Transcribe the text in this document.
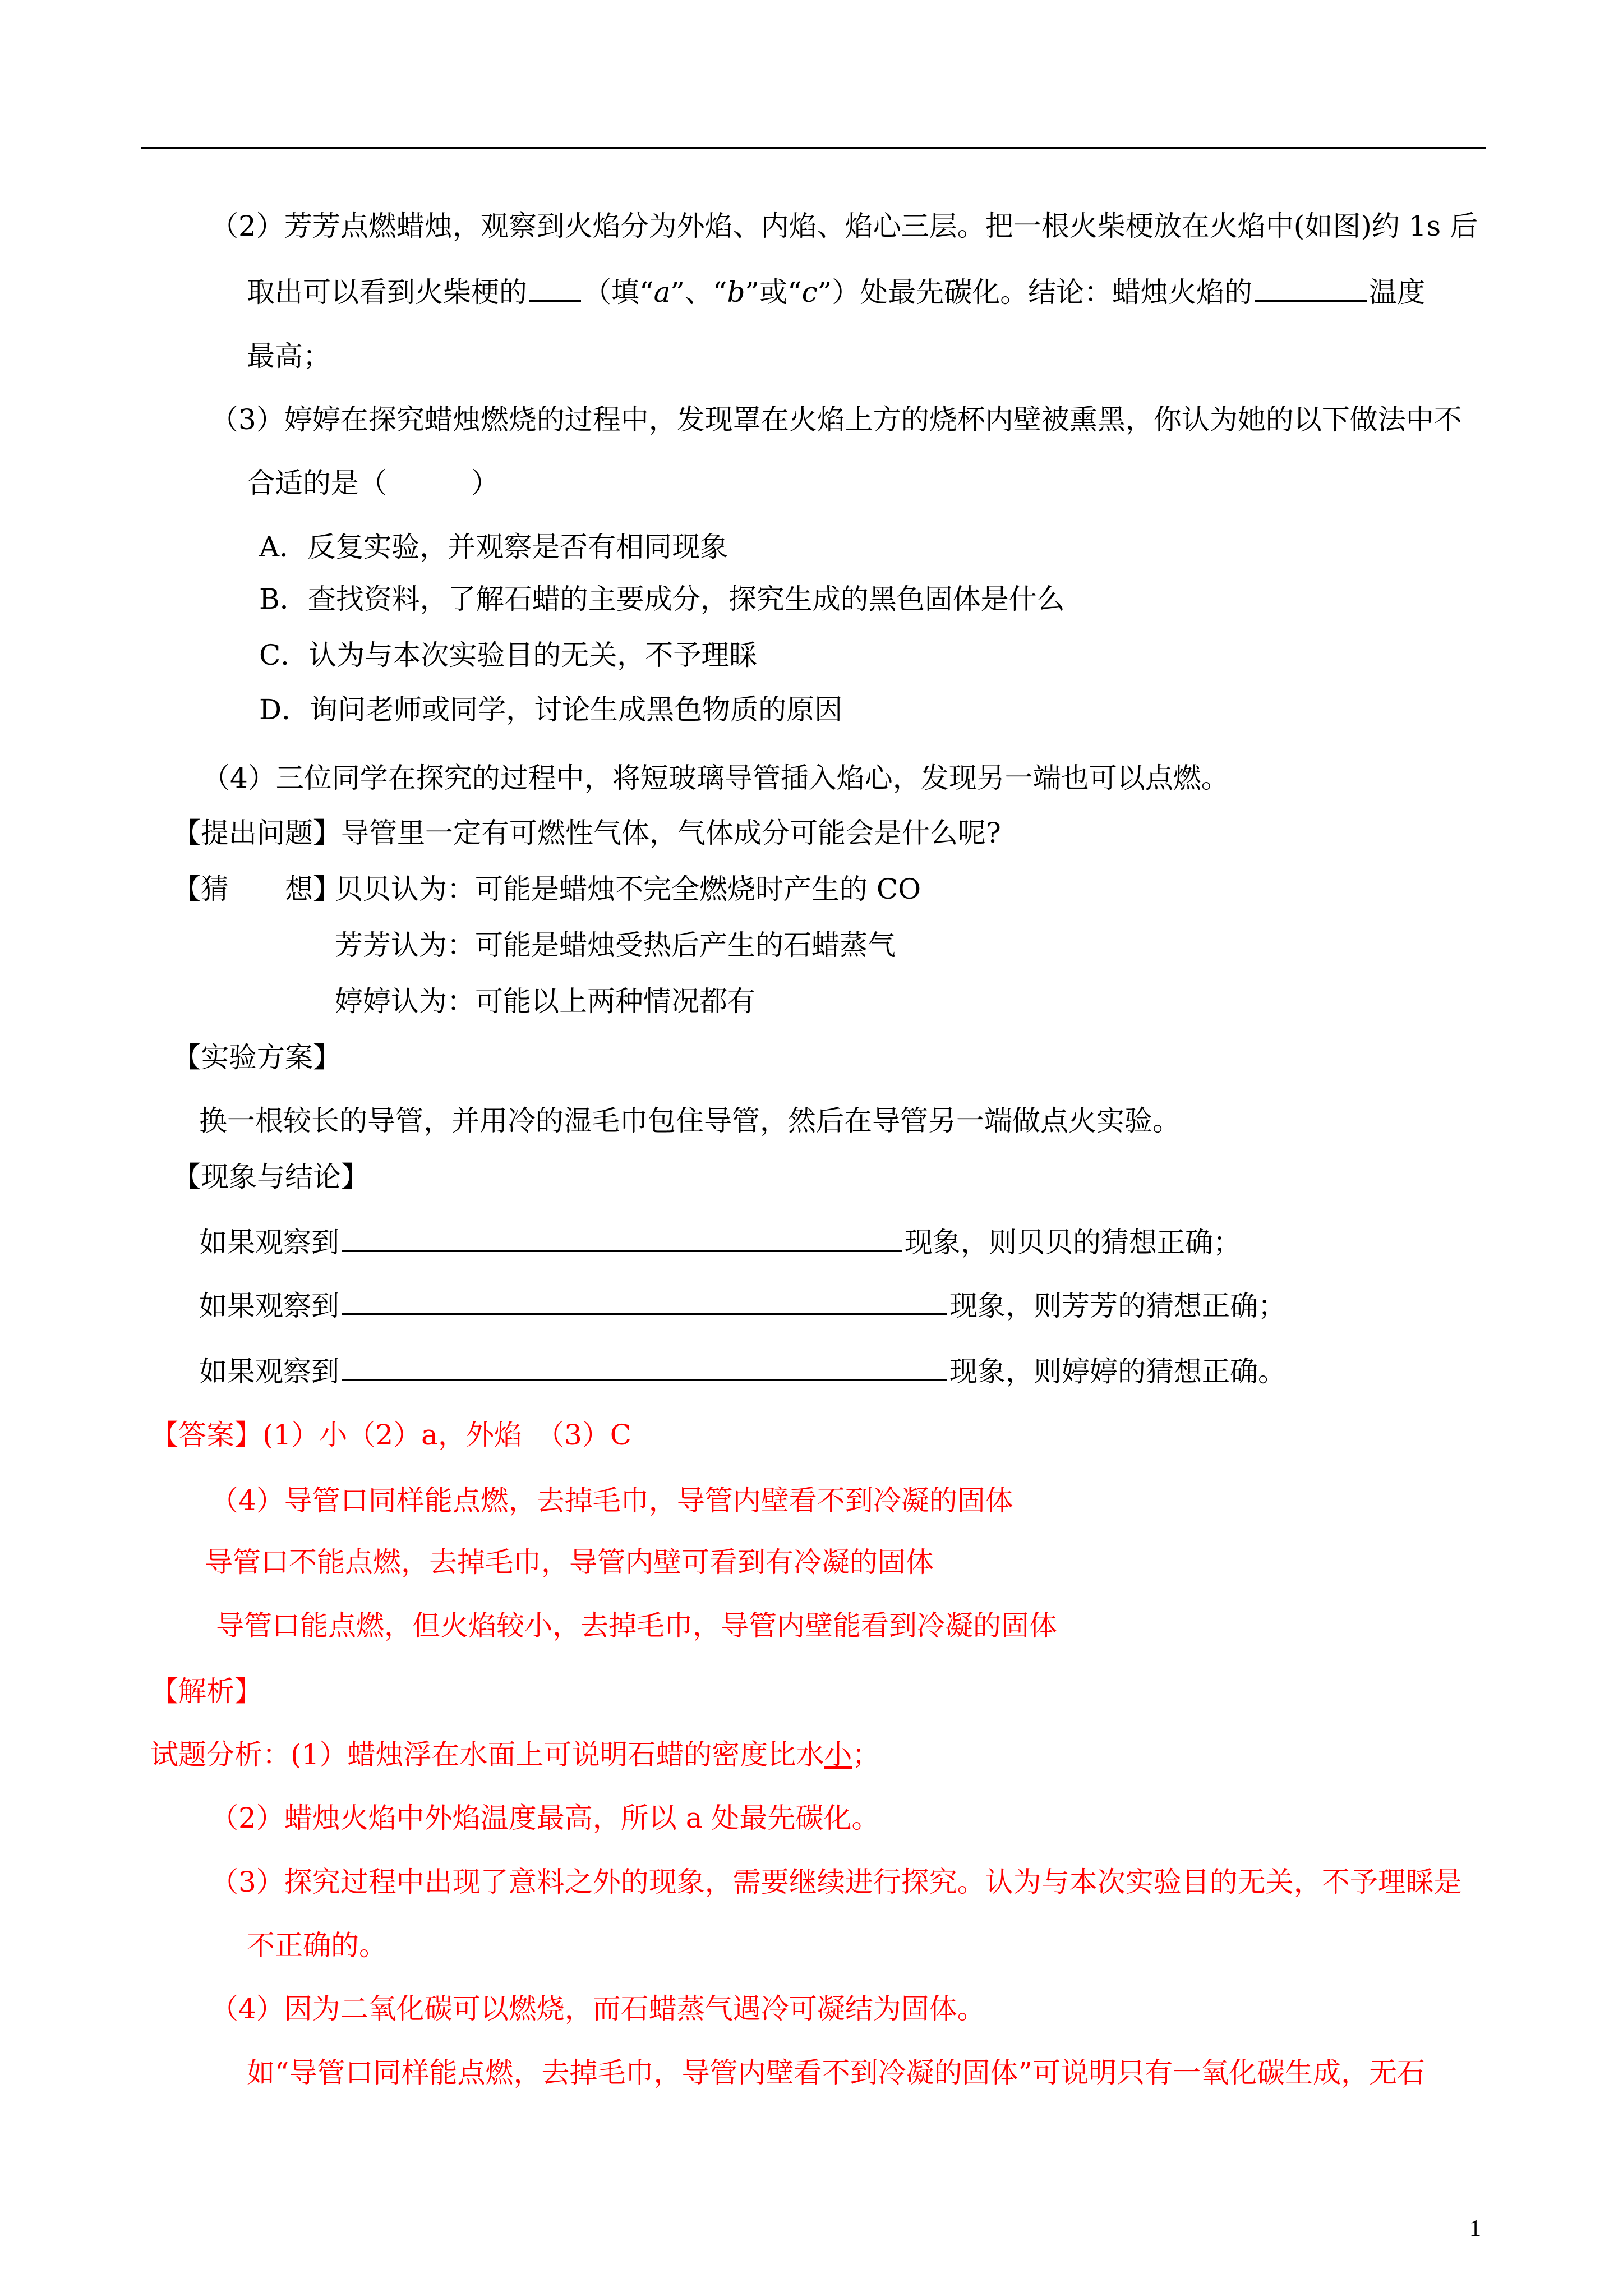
（2）芳芳点燃蜡烛，观察到火焰分为外焰、内焰、焰心三层。把一根火柴梗放在火焰中(如图)约 1s 后
取出可以看到火柴梗的 （填“a”、“b”或“c”）处最先碳化。结论：蜡烛火焰的	温度
最高；
（3）婷婷在探究蜡烛燃烧的过程中，发现罩在火焰上方的烧杯内壁被熏黑，你认为她的以下做法中不
合适的是（　　　）
A．反复实验，并观察是否有相同现象
B．查找资料，了解石蜡的主要成分，探究生成的黑色固体是什么
C．认为与本次实验目的无关，不予理睬
D．询问老师或同学，讨论生成黑色物质的原因
（4）三位同学在探究的过程中，将短玻璃导管插入焰心，发现另一端也可以点燃。
【提出问题】导管里一定有可燃性气体，气体成分可能会是什么呢?
【猜　　想】
贝贝认为：可能是蜡烛不完全燃烧时产生的 CO
芳芳认为：可能是蜡烛受热后产生的石蜡蒸气
婷婷认为：可能以上两种情况都有
【实验方案】
换一根较长的导管，并用冷的湿毛巾包住导管，然后在导管另一端做点火实验。
【现象与结论】
如果观察到	现象，则贝贝的猜想正确；
如果观察到	现象，则芳芳的猜想正确；
如果观察到	现象，则婷婷的猜想正确。
【答案】(1）小（2）a，外焰　（3）C
（4）导管口同样能点燃，去掉毛巾，导管内壁看不到冷凝的固体
导管口不能点燃，去掉毛巾，导管内壁可看到有冷凝的固体
导管口能点燃，但火焰较小，去掉毛巾，导管内壁能看到冷凝的固体
【解析】
试题分析：(1）蜡烛浮在水面上可说明石蜡的密度比水小；
（2）蜡烛火焰中外焰温度最高，所以 a 处最先碳化。
（3）探究过程中出现了意料之外的现象，需要继续进行探究。认为与本次实验目的无关，不予理睬是
不正确的。
（4）因为二氧化碳可以燃烧，而石蜡蒸气遇冷可凝结为固体。
如“导管口同样能点燃，去掉毛巾，导管内壁看不到冷凝的固体”可说明只有一氧化碳生成，无石
1
